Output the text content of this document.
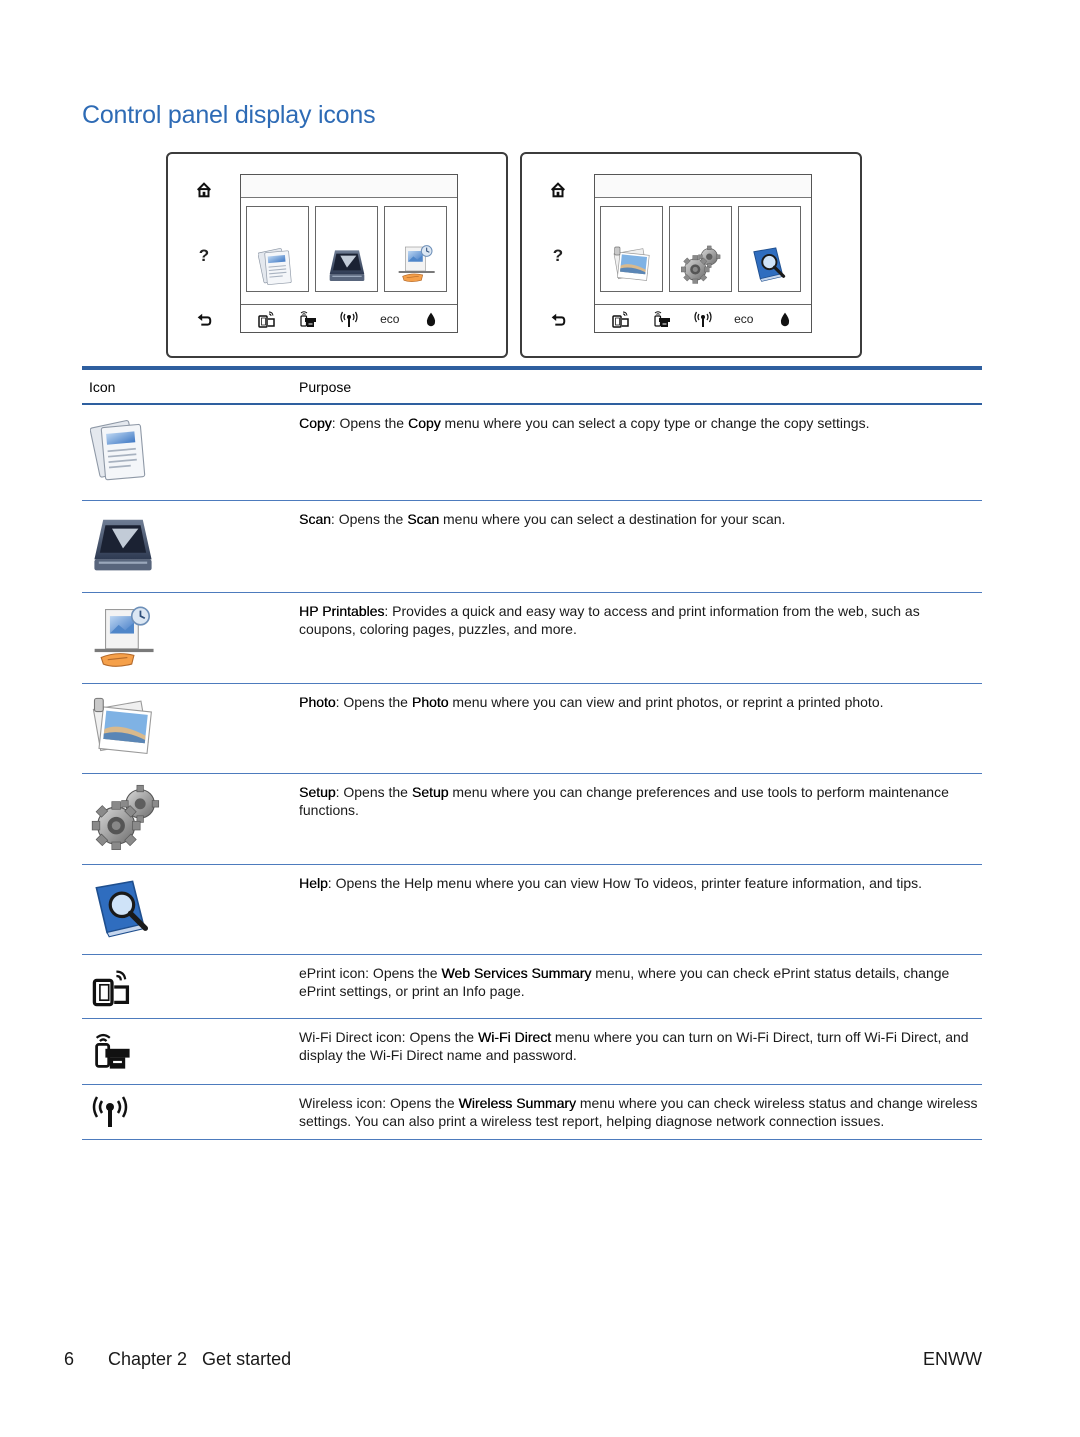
Control panel display icons
?
eco
?
eco
Icon	Purpose

Copy: Opens the Copy menu where you can select a copy type or change the copy settings.

Scan: Opens the Scan menu where you can select a destination for your scan.

HP Printables: Provides a quick and easy way to access and print information from the web, such as coupons, coloring pages, puzzles, and more.

Photo: Opens the Photo menu where you can view and print photos, or reprint a printed photo.

Setup: Opens the Setup menu where you can change preferences and use tools to perform maintenance functions.

Help: Opens the Help menu where you can view How To videos, printer feature information, and tips.

ePrint icon: Opens the Web Services Summary menu, where you can check ePrint status details, change ePrint settings, or print an Info page.

Wi-Fi Direct icon: Opens the Wi-Fi Direct menu where you can turn on Wi-Fi Direct, turn off Wi-Fi Direct, and display the Wi-Fi Direct name and password.

Wireless icon: Opens the Wireless Summary menu where you can check wireless status and change wireless settings. You can also print a wireless test report, helping diagnose network connection issues.

6 Chapter 2   Get started	ENWW
